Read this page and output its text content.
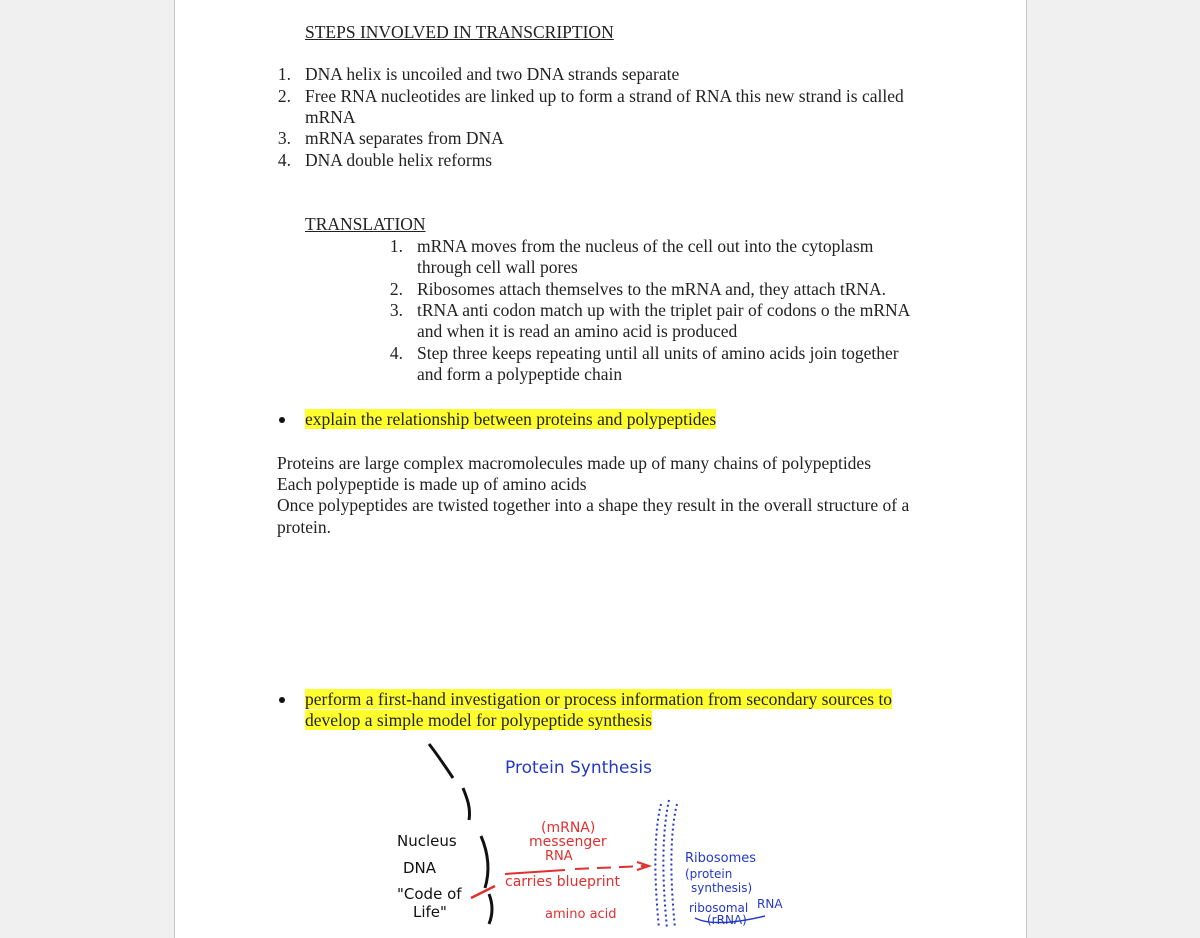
STEPS INVOLVED IN TRANSCRIPTION
1. DNA helix is uncoiled and two DNA strands separate
2. Free RNA nucleotides are linked up to form a strand of RNA this new strand is called
mRNA
3. mRNA separates from DNA
4. DNA double helix reforms
TRANSLATION
1. mRNA moves from the nucleus of the cell out into the cytoplasm
through cell wall pores
2. Ribosomes attach themselves to the mRNA and, they attach tRNA.
3. tRNA anti codon match up with the triplet pair of codons o the mRNA
and when it is read an amino acid is produced
4. Step three keeps repeating until all units of amino acids join together
and form a polypeptide chain
explain the relationship between proteins and polypeptides
Proteins are large complex macromolecules made up of many chains of polypeptides
Each polypeptide is made up of amino acids
Once polypeptides are twisted together into a shape they result in the overall structure of a
protein.
perform a first-hand investigation or process information from secondary sources to
develop a simple model for polypeptide synthesis
Protein Synthesis
Nucleus
DNA
"Code of
Life"
(mRNA)
messenger
RNA
carries blueprint
amino acid
Ribosomes
(protein
synthesis)
ribosomal RNA
(rRNA)
